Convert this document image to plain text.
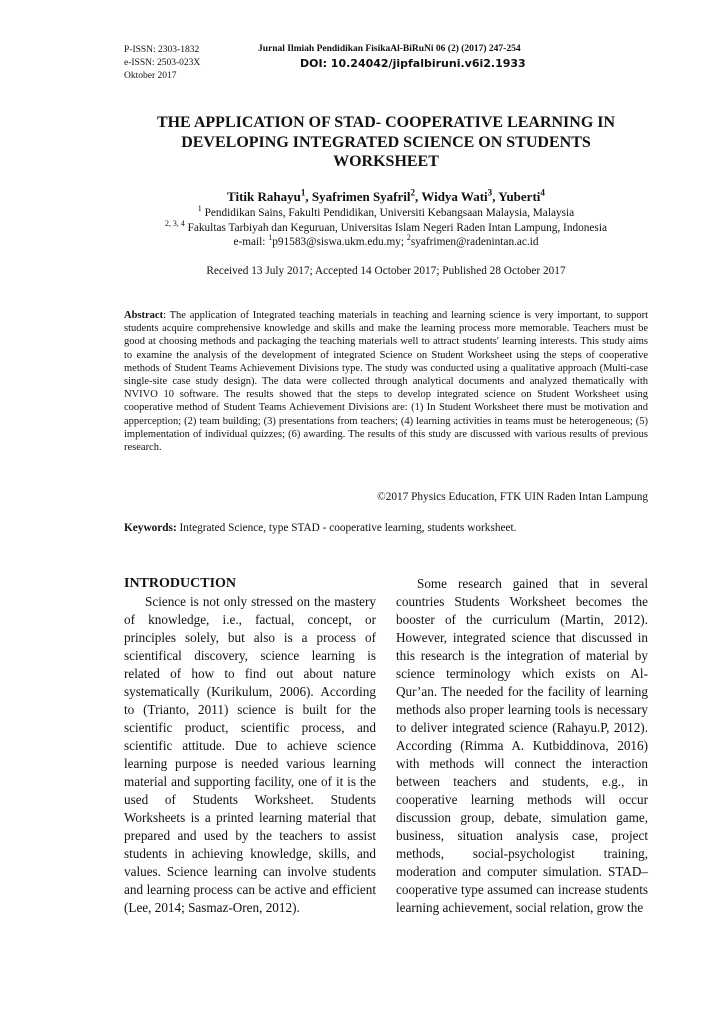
P-ISSN: 2303-1832
e-ISSN: 2503-023X
Oktober 2017
Jurnal Ilmiah Pendidikan FisikaAl-BiRuNi 06 (2) (2017) 247-254
DOI: 10.24042/jipfalbiruni.v6i2.1933
THE APPLICATION OF STAD- COOPERATIVE LEARNING IN
DEVELOPING INTEGRATED SCIENCE ON STUDENTS
WORKSHEET
Titik Rahayu$^1$, Syafrimen Syafril$^2$, Widya Wati$^3$, Yuberti$^4$
$^1$ Pendidikan Sains, Fakulti Pendidikan, Universiti Kebangsaan Malaysia, Malaysia
$^{2, 3, 4}$ Fakultas Tarbiyah dan Keguruan, Universitas Islam Negeri Raden Intan Lampung, Indonesia
e-mail: $^1$p91583@siswa.ukm.edu.my; $^2$syafrimen@radenintan.ac.id
Received 13 July 2017; Accepted 14 October 2017; Published 28 October 2017

Abstract: The application of Integrated teaching materials in teaching and learning science is very important, to support students acquire comprehensive knowledge and skills and make the learning process more memorable. Teachers must be good at choosing methods and packaging the teaching materials well to attract students' learning interests. This study aims to examine the analysis of the development of integrated Science on Student Worksheet using the steps of cooperative methods of Student Teams Achievement Divisions type. The study was conducted using a qualitative approach (Multi-case single-site case study design). The data were collected through analytical documents and analyzed thematically with NVIVO 10 software. The results showed that the steps to develop integrated science on Student Worksheet using cooperative method of Student Teams Achievement Divisions are: (1) In Student Worksheet there must be motivation and apperception; (2) team building; (3) presentations from teachers; (4) learning activities in teams must be heterogeneous; (5) implementation of individual quizzes; (6) awarding. The results of this study are discussed with various results of previous research.

©2017 Physics Education, FTK UIN Raden Intan Lampung
Keywords: Integrated Science, type STAD - cooperative learning, students worksheet.
INTRODUCTION

Science is not only stressed on the mastery of knowledge, i.e., factual, concept, or principles solely, but also is a process of scientifical discovery, science learning is related of how to find out about nature systematically (Kurikulum, 2006). According to (Trianto, 2011) science is built for the scientific product, scientific process, and scientific attitude. Due to achieve science learning purpose is needed various learning material and supporting facility, one of it is the used of Students Worksheet. Students Worksheets is a printed learning material that prepared and used by the teachers to assist students in achieving knowledge, skills, and values. Science learning can involve students and learning process can be active and efficient (Lee, 2014; Sasmaz-Oren, 2012).

Some research gained that in several countries Students Worksheet becomes the booster of the curriculum (Martin, 2012). However, integrated science that discussed in this research is the integration of material by science terminology which exists on Al-Qur’an. The needed for the facility of learning methods also proper learning tools is necessary to deliver integrated science (Rahayu.P, 2012). According (Rimma A. Kutbiddinova, 2016) with methods will connect the interaction between teachers and students, e.g., in cooperative learning methods will occur discussion group, debate, simulation game, business, situation analysis case, project methods, social-psychologist training, moderation and computer simulation. STAD–cooperative type assumed can increase students learning achievement, social relation, grow the
